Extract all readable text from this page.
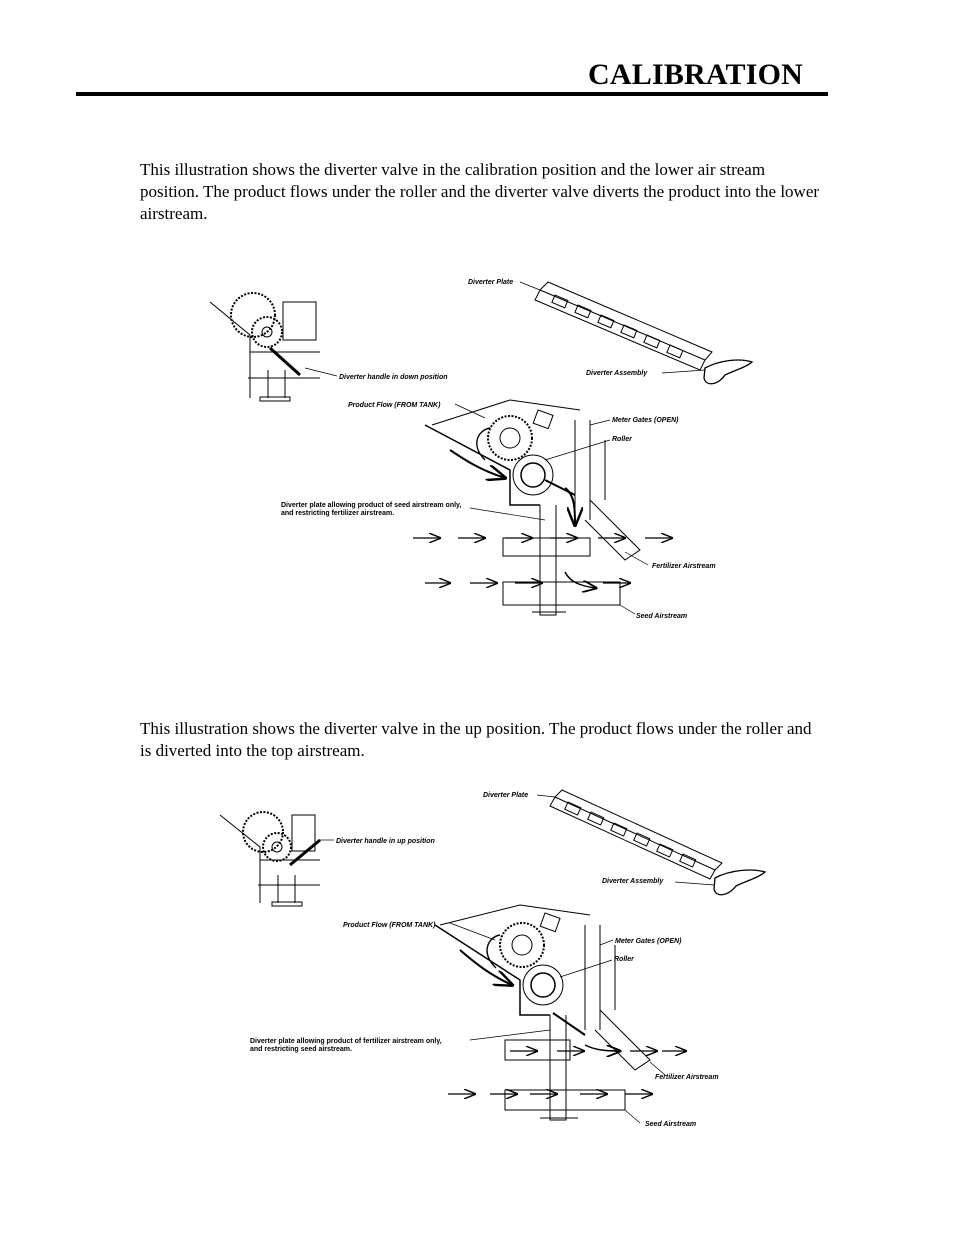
CALIBRATION

This illustration shows the diverter valve in the calibration position and the lower air stream position. The product flows under the roller and the diverter valve diverts the product into the lower airstream.

Diverter Plate
Diverter Assembly
Diverter handle in down position
Product Flow (FROM TANK)
Meter Gates (OPEN)
Roller
Diverter plate allowing product of seed airstream only,
and restricting fertilizer airstream.
Fertilizer Airstream
Seed Airstream

This illustration shows the diverter valve in the up position. The product flows under the roller and is diverted into the top airstream.

Diverter Plate
Diverter Assembly
Diverter handle in up position
Product Flow (FROM TANK)
Meter Gates (OPEN)
Roller
Diverter plate allowing product of fertilizer airstream only,
and restricting seed airstream.
Fertilizer Airstream
Seed Airstream
